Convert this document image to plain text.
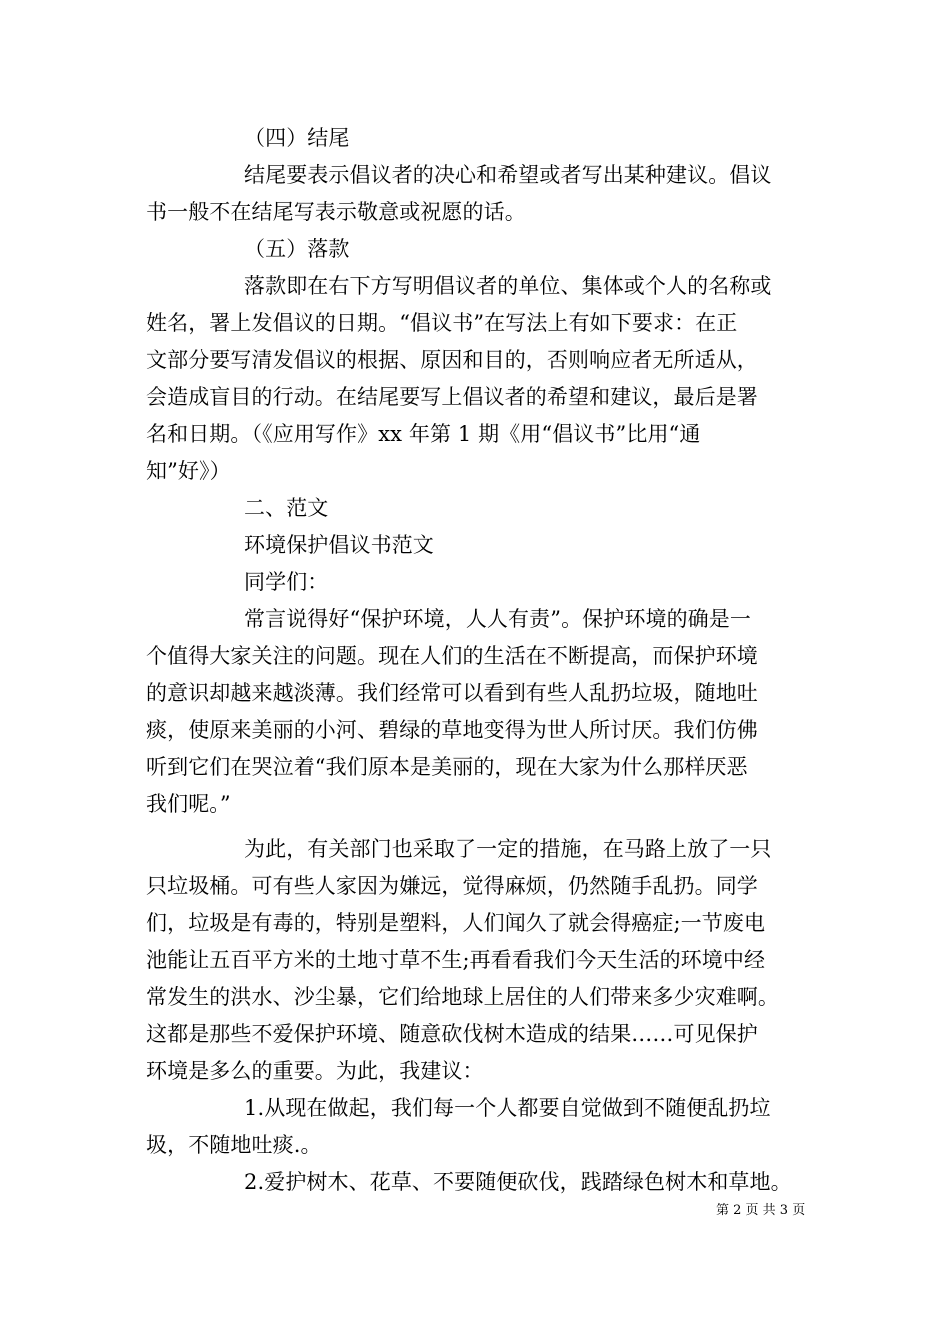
（四）结尾
结尾要表示倡议者的决心和希望或者写出某种建议。倡议
书一般不在结尾写表示敬意或祝愿的话。
（五）落款
落款即在右下方写明倡议者的单位、集体或个人的名称或
姓名，署上发倡议的日期。“倡议书”在写法上有如下要求：在正
文部分要写清发倡议的根据、原因和目的，否则响应者无所适从，
会造成盲目的行动。在结尾要写上倡议者的希望和建议，最后是署
名和日期。（《应用写作》xx 年第 1 期《用“倡议书”比用“通
知”好》）
二、范文
环境保护倡议书范文
同学们：
常言说得好“保护环境，人人有责”。保护环境的确是一
个值得大家关注的问题。现在人们的生活在不断提高，而保护环境
的意识却越来越淡薄。我们经常可以看到有些人乱扔垃圾，随地吐
痰，使原来美丽的小河、碧绿的草地变得为世人所讨厌。我们仿佛
听到它们在哭泣着“我们原本是美丽的，现在大家为什么那样厌恶
我们呢。”
为此，有关部门也采取了一定的措施，在马路上放了一只
只垃圾桶。可有些人家因为嫌远，觉得麻烦，仍然随手乱扔。同学
们，垃圾是有毒的，特别是塑料，人们闻久了就会得癌症;一节废电
池能让五百平方米的土地寸草不生;再看看我们今天生活的环境中经
常发生的洪水、沙尘暴，它们给地球上居住的人们带来多少灾难啊。
这都是那些不爱保护环境、随意砍伐树木造成的结果……可见保护
环境是多么的重要。为此，我建议：
1.从现在做起，我们每一个人都要自觉做到不随便乱扔垃
圾，不随地吐痰.。
2.爱护树木、花草、不要随便砍伐，践踏绿色树木和草地。
第 2 页 共 3 页
